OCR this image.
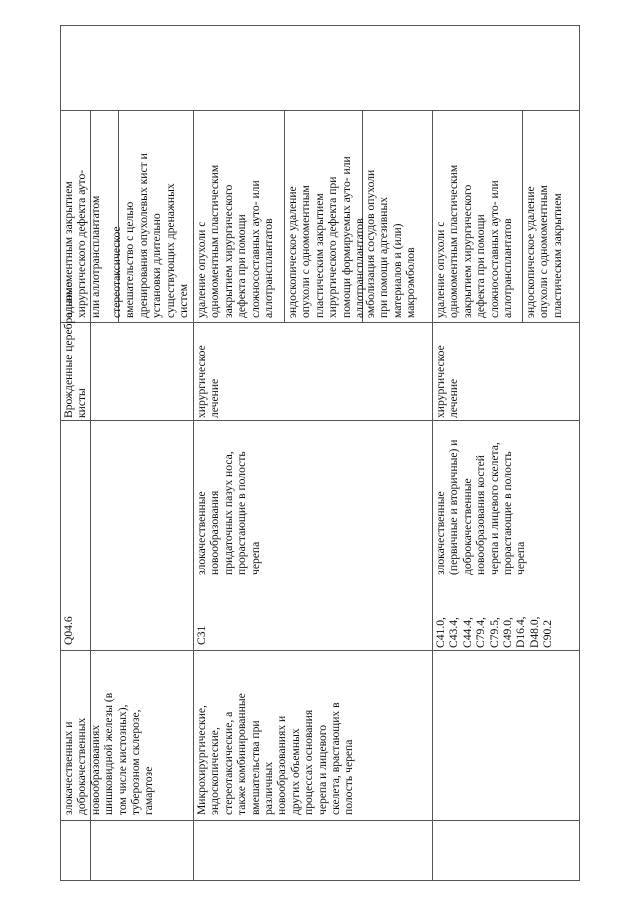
злокачественных и
доброкачественных
новообразованиях
шишковидной железы (в
том числе кистозных),
туберозном склерозе,
гамартозе
Q04.6
Врожденные церебральные
кисты
одномоментным закрытием
хирургического дефекта ауто-
или аллотрансплантатом стереотаксическое
вмешательство с целью
дренирования опухолевых кист и
установки длительно
существующих дренажных
систем
Микрохирургические,
эндоскопические,
стереотаксические, а
также комбинированные
вмешательства при
различных
новообразованиях и
других объемных
процессах основания
черепа и лицевого
скелета, врастающих в
полость черепа
C31
злокачественные
новообразования
придаточных пазух носа,
прорастающие в полость
черепа
хирургическое
лечение
удаление опухоли с
одномоментным пластическим
закрытием хирургического
дефекта при помощи
сложносоставных ауто- или
аллотрансплантатов эндоскопическое удаление
опухоли с одномоментным
пластическим закрытием
хирургического дефекта при
помощи формируемых ауто- или
аллотрансплантатов
эмболизация сосудов опухоли
при помощи адгезивных
материалов и (или)
макроэмболов
C41.0,
C43.4,
C44.4,
C79.4,
C79.5,
C49.0,
D16.4,
D48.0,
C90.2
злокачественные
(первичные и вторичные) и
доброкачественные
новообразования костей
черепа и лицевого скелета,
прорастающие в полость
черепа
хирургическое
лечение
удаление опухоли с
одномоментным пластическим
закрытием хирургического
дефекта при помощи
сложносоставных ауто- или
аллотрансплантатов эндоскопическое удаление
опухоли с одномоментным
пластическим закрытием
